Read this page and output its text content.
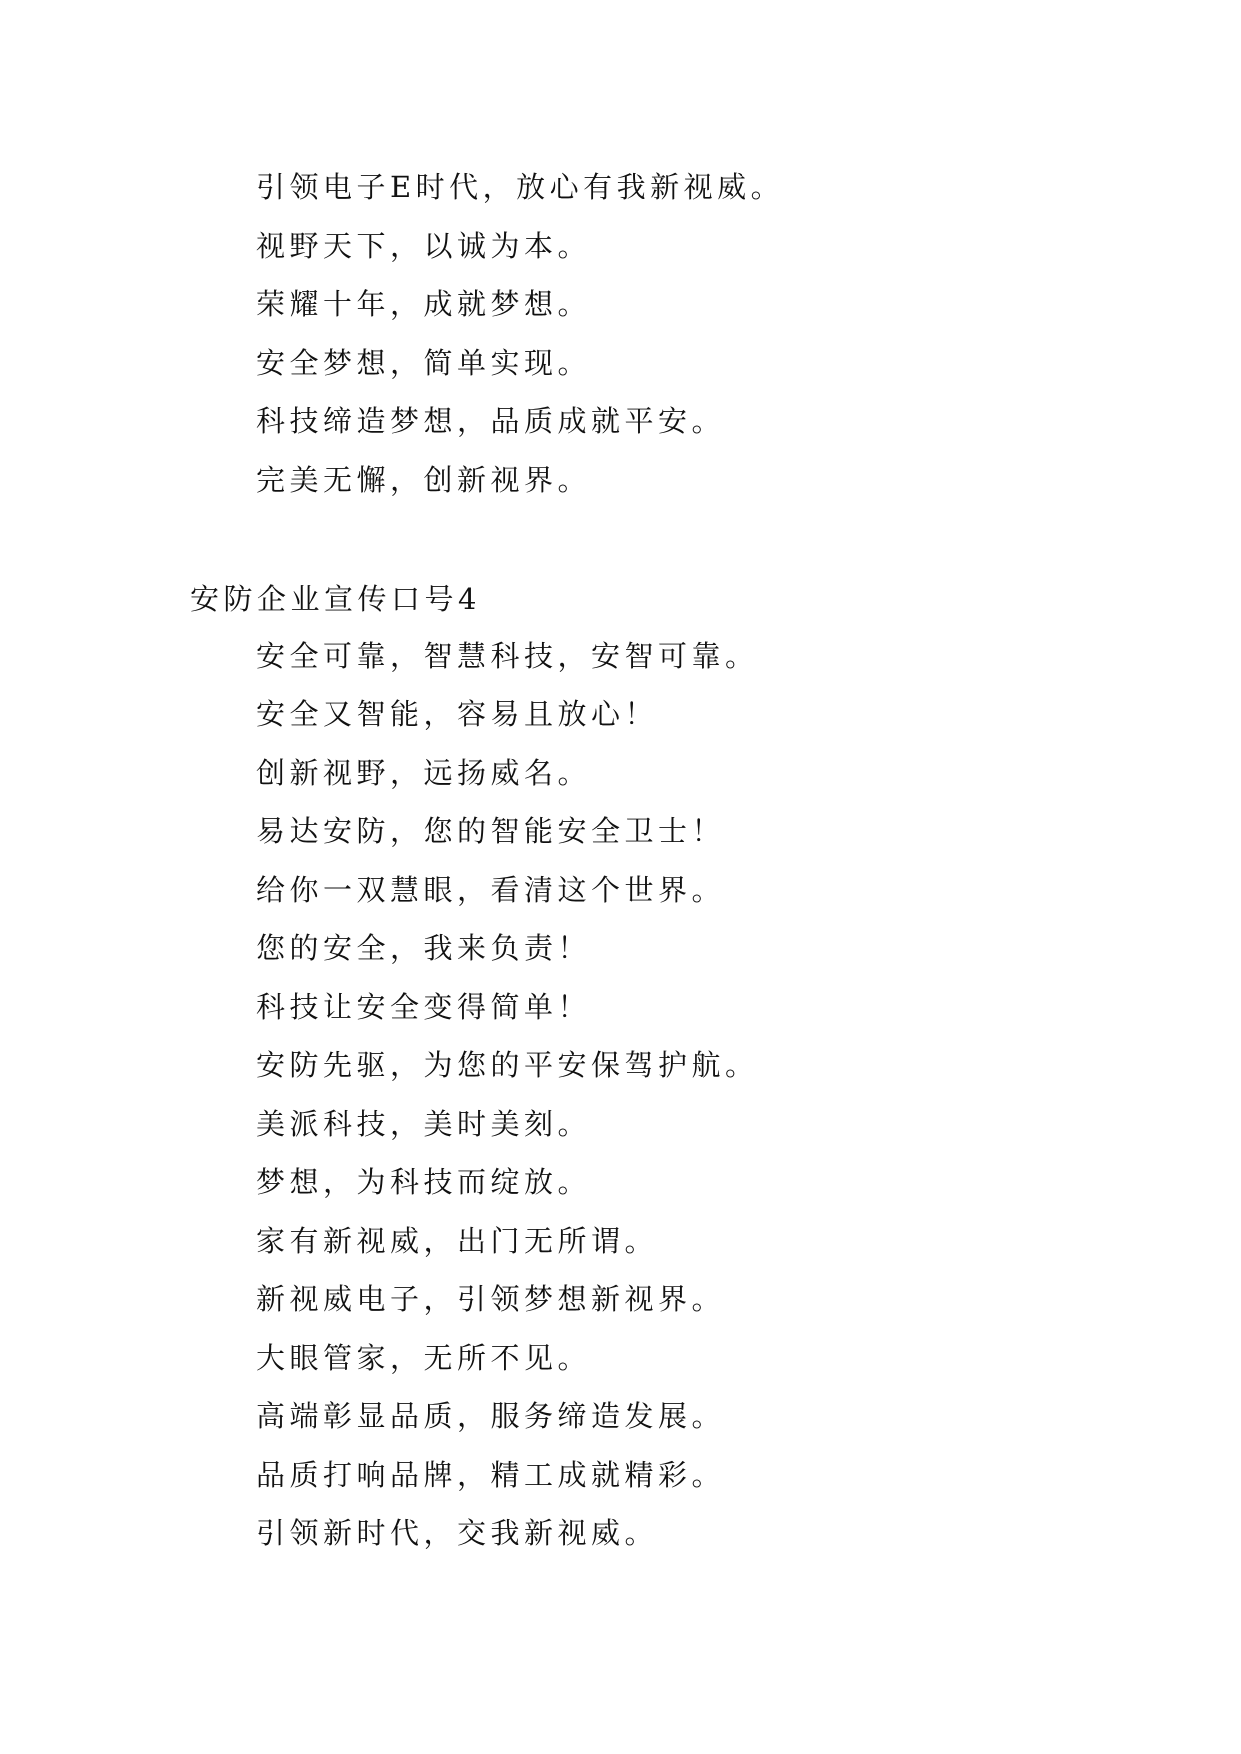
引领电子E时代，放心有我新视威。
视野天下，以诚为本。
荣耀十年，成就梦想。
安全梦想，简单实现。
科技缔造梦想，品质成就平安。
完美无懈，创新视界。
安防企业宣传口号4
安全可靠，智慧科技，安智可靠。
安全又智能，容易且放心！
创新视野，远扬威名。
易达安防，您的智能安全卫士！
给你一双慧眼，看清这个世界。
您的安全，我来负责！
科技让安全变得简单！
安防先驱，为您的平安保驾护航。
美派科技，美时美刻。
梦想，为科技而绽放。
家有新视威，出门无所谓。
新视威电子，引领梦想新视界。
大眼管家，无所不见。
高端彰显品质，服务缔造发展。
品质打响品牌，精工成就精彩。
引领新时代，交我新视威。
